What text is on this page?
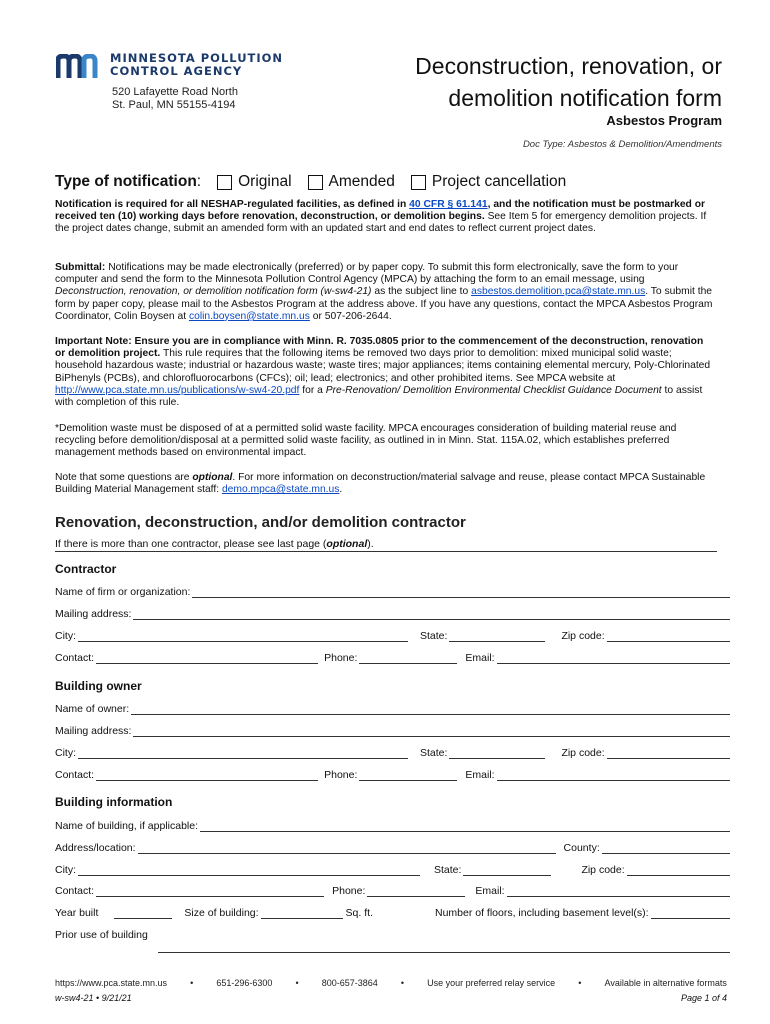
MINNESOTA POLLUTION
CONTROL AGENCY
520 Lafayette Road North
St. Paul, MN 55155-4194
Deconstruction, renovation, or
demolition notification form
Asbestos Program
Doc Type: Asbestos & Demolition/Amendments
Type of notification : Original Amended Project cancellation
Notification is required for all NESHAP-regulated facilities, as defined in 40 CFR § 61.141, and the notification must be postmarked or received ten (10) working days before renovation, deconstruction, or demolition begins. See Item 5 for emergency demolition projects. If the project dates change, submit an amended form with an updated start and end dates to reflect current project dates.
Submittal: Notifications may be made electronically (preferred) or by paper copy. To submit this form electronically, save the form to your computer and send the form to the Minnesota Pollution Control Agency (MPCA) by attaching the form to an email message, using Deconstruction, renovation, or demolition notification form (w-sw4-21) as the subject line to asbestos.demolition.pca@state.mn.us. To submit the form by paper copy, please mail to the Asbestos Program at the address above. If you have any questions, contact the MPCA Asbestos Program Coordinator, Colin Boysen at colin.boysen@state.mn.us or 507-206-2644.
Important Note: Ensure you are in compliance with Minn. R. 7035.0805 prior to the commencement of the deconstruction, renovation or demolition project. This rule requires that the following items be removed two days prior to demolition: mixed municipal solid waste; household hazardous waste; industrial or hazardous waste; waste tires; major appliances; items containing elemental mercury, Poly-Chlorinated BiPhenyls (PCBs), and chlorofluorocarbons (CFCs); oil; lead; electronics; and other prohibited items. See MPCA website at http://www.pca.state.mn.us/publications/w-sw4-20.pdf for a Pre-Renovation/ Demolition Environmental Checklist Guidance Document to assist with completion of this rule.
*Demolition waste must be disposed of at a permitted solid waste facility. MPCA encourages consideration of building material reuse and recycling before demolition/disposal at a permitted solid waste facility, as outlined in in Minn. Stat. 115A.02, which establishes preferred management methods based on environmental impact.
Note that some questions are optional. For more information on deconstruction/material salvage and reuse, please contact MPCA Sustainable Building Material Management staff: demo.mpca@state.mn.us.
Renovation, deconstruction, and/or demolition contractor
If there is more than one contractor, please see last page (optional).
Contractor
Name of firm or organization:
Mailing address:
City:	State:	Zip code:
Contact:	Phone:	Email:
Building owner
Name of owner:
Mailing address:
City:	State:	Zip code:
Contact:	Phone:	Email:
Building information
Name of building, if applicable:
Address/location:	County:
City:	State:	Zip code:
Contact:	Phone:	Email:
Year built	Size of building:	Sq. ft.	Number of floors, including basement level(s):
Prior use of building
https://www.pca.state.mn.us	•	651-296-6300	•	800-657-3864	•	Use your preferred relay service	•	Available in alternative formats
w-sw4-21 • 9/21/21	Page 1 of 4
